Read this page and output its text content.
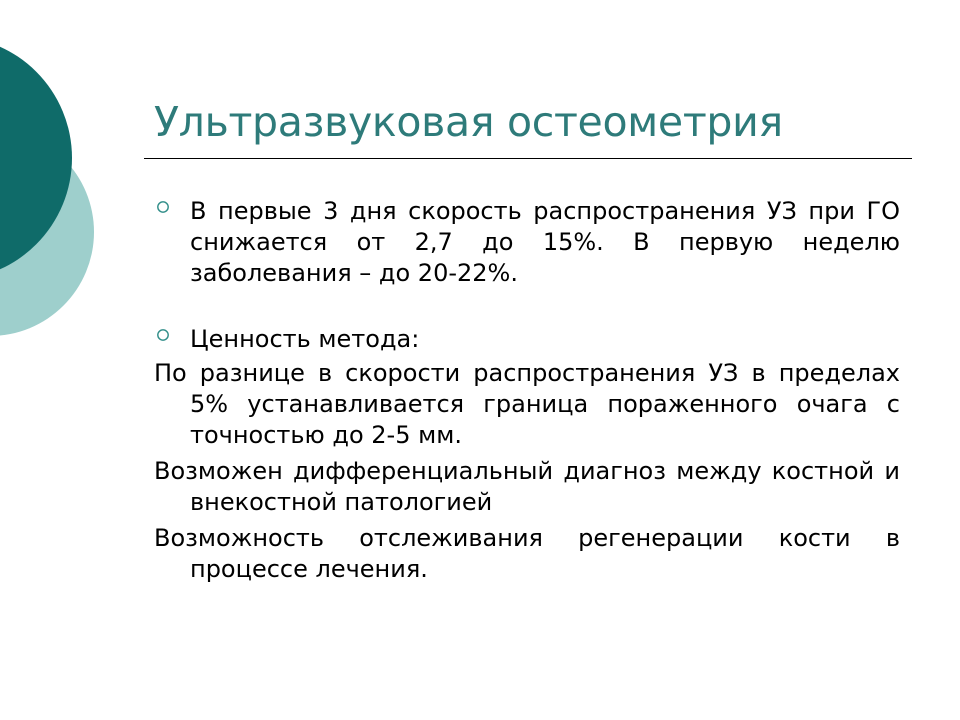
Ультразвуковая остеометрия

В первые 3 дня скорость распространения УЗ при ГО снижается от 2,7 до 15%. В первую неделю заболевания – до 20-22%.

Ценность метода:

По разнице в скорости распространения УЗ в пределах 5% устанавливается граница пораженного очага с точностью до 2-5 мм.

Возможен дифференциальный диагноз между костной и внекостной патологией

Возможность отслеживания регенерации кости в процессе лечения.
